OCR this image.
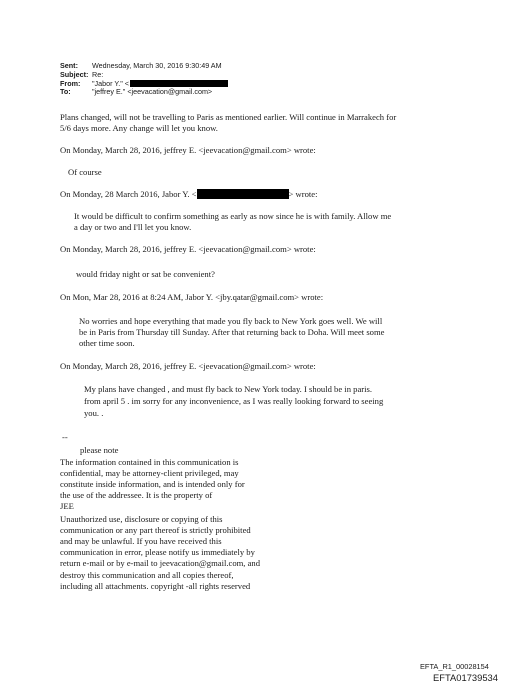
Sent:	Wednesday, March 30, 2016 9:30:49 AM
Subject: Re:
From:	"Jabor Y." <
To:	"jeffrey E." <jeevacation@gmail.com>
Plans changed, will not be travelling to Paris as mentioned earlier. Will continue in Marrakech for
5/6 days more. Any change will let you know.
On Monday, March 28, 2016, jeffrey E. <jeevacation@gmail.com> wrote:
Of course
On Monday, 28 March 2016, Jabor Y. <	> wrote:
It would be difficult to confirm something as early as now since he is with family. Allow me
a day or two and I'll let you know.
On Monday, March 28, 2016, jeffrey E. <jeevacation@gmail.com> wrote:
would friday night or sat be convenient?
On Mon, Mar 28, 2016 at 8:24 AM, Jabor Y. <jby.qatar@gmail.com> wrote:
No worries and hope everything that made you fly back to New York goes well. We will
be in Paris from Thursday till Sunday. After that returning back to Doha. Will meet some
other time soon.
On Monday, March 28, 2016, jeffrey E. <jeevacation@gmail.com> wrote:
My plans have changed , and must fly back to New York today. I should be in paris.
from april 5 . im sorry for any inconvenience, as I was really looking forward to seeing
you. .
--
please note
The information contained in this communication is
confidential, may be attorney-client privileged, may
constitute inside information, and is intended only for
the use of the addressee. It is the property of
JEE
Unauthorized use, disclosure or copying of this
communication or any part thereof is strictly prohibited
and may be unlawful. If you have received this
communication in error, please notify us immediately by
return e-mail or by e-mail to jeevacation@gmail.com, and
destroy this communication and all copies thereof,
including all attachments. copyright -all rights reserved
EFTA_R1_00028154
EFTA01739534
